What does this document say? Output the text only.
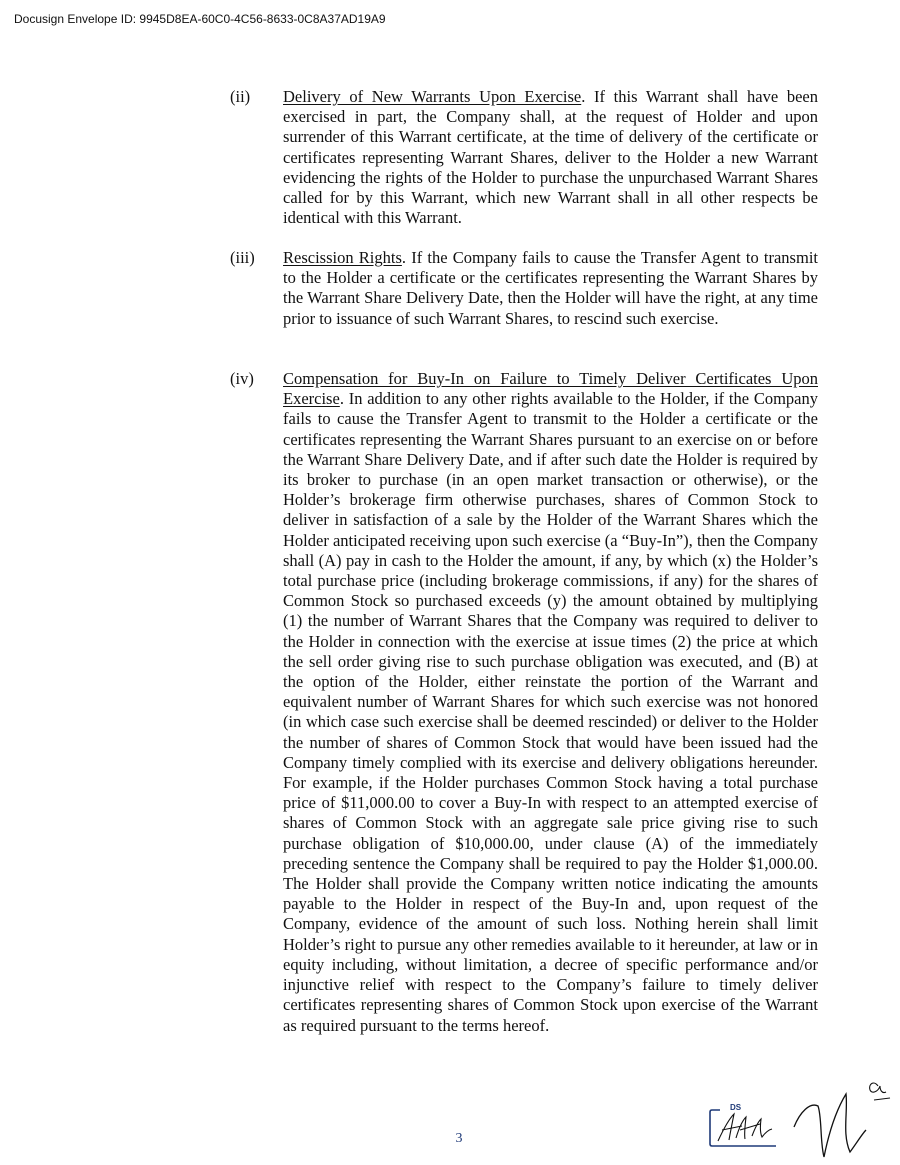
Docusign Envelope ID: 9945D8EA-60C0-4C56-8633-0C8A37AD19A9
(ii)	Delivery of New Warrants Upon Exercise. If this Warrant shall have been exercised in part, the Company shall, at the request of Holder and upon surrender of this Warrant certificate, at the time of delivery of the certificate or certificates representing Warrant Shares, deliver to the Holder a new Warrant evidencing the rights of the Holder to purchase the unpurchased Warrant Shares called for by this Warrant, which new Warrant shall in all other respects be identical with this Warrant.
(iii)	Rescission Rights. If the Company fails to cause the Transfer Agent to transmit to the Holder a certificate or the certificates representing the Warrant Shares by the Warrant Share Delivery Date, then the Holder will have the right, at any time prior to issuance of such Warrant Shares, to rescind such exercise.
(iv)	Compensation for Buy-In on Failure to Timely Deliver Certificates Upon Exercise. In addition to any other rights available to the Holder, if the Company fails to cause the Transfer Agent to transmit to the Holder a certificate or the certificates representing the Warrant Shares pursuant to an exercise on or before the Warrant Share Delivery Date, and if after such date the Holder is required by its broker to purchase (in an open market transaction or otherwise), or the Holder’s brokerage firm otherwise purchases, shares of Common Stock to deliver in satisfaction of a sale by the Holder of the Warrant Shares which the Holder anticipated receiving upon such exercise (a “Buy-In”), then the Company shall (A) pay in cash to the Holder the amount, if any, by which (x) the Holder’s total purchase price (including brokerage commissions, if any) for the shares of Common Stock so purchased exceeds (y) the amount obtained by multiplying (1) the number of Warrant Shares that the Company was required to deliver to the Holder in connection with the exercise at issue times (2) the price at which the sell order giving rise to such purchase obligation was executed, and (B) at the option of the Holder, either reinstate the portion of the Warrant and equivalent number of Warrant Shares for which such exercise was not honored (in which case such exercise shall be deemed rescinded) or deliver to the Holder the number of shares of Common Stock that would have been issued had the Company timely complied with its exercise and delivery obligations hereunder. For example, if the Holder purchases Common Stock having a total purchase price of $11,000.00 to cover a Buy-In with respect to an attempted exercise of shares of Common Stock with an aggregate sale price giving rise to such purchase obligation of $10,000.00, under clause (A) of the immediately preceding sentence the Company shall be required to pay the Holder $1,000.00. The Holder shall provide the Company written notice indicating the amounts payable to the Holder in respect of the Buy-In and, upon request of the Company, evidence of the amount of such loss. Nothing herein shall limit Holder’s right to pursue any other remedies available to it hereunder, at law or in equity including, without limitation, a decree of specific performance and/or injunctive relief with respect to the Company’s failure to timely deliver certificates representing shares of Common Stock upon exercise of the Warrant as required pursuant to the terms hereof.
3
DS
